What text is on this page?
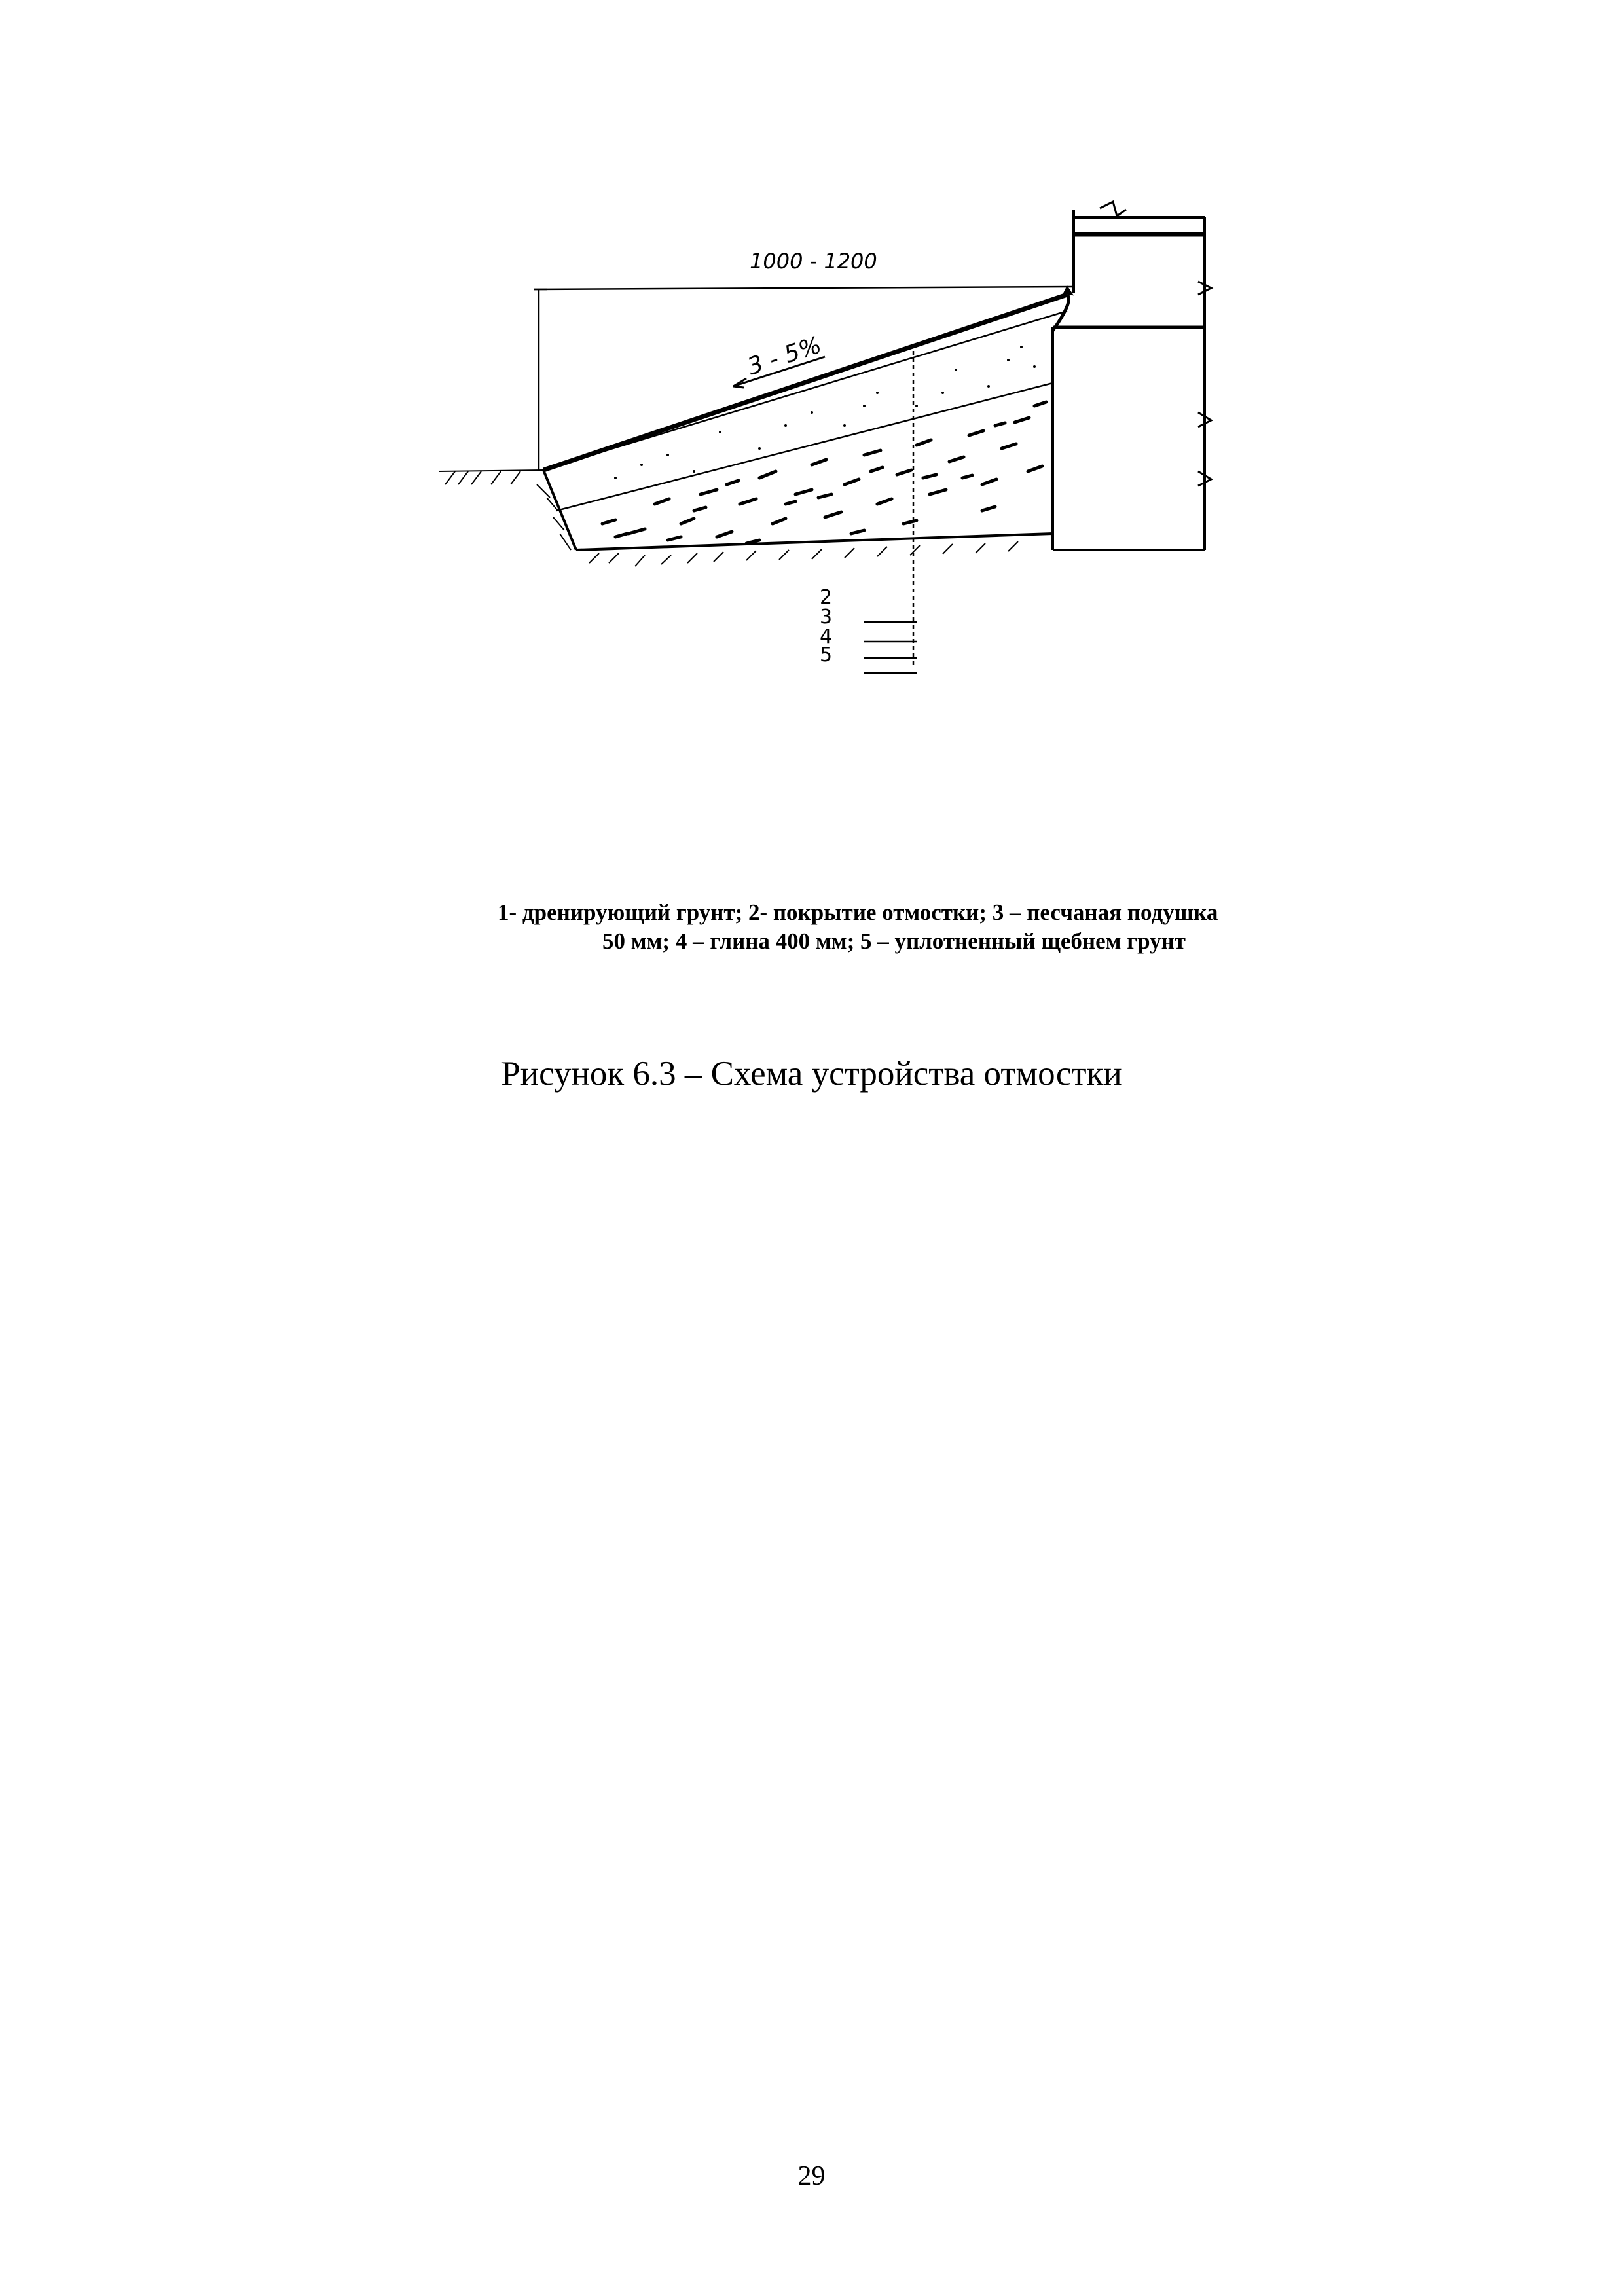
1000 - 1200
3 - 5%
2
3
4
5
1- дренирующий грунт; 2- покрытие отмостки; 3 – песчаная подушка
50 мм; 4 – глина 400 мм; 5 – уплотненный щебнем грунт
Рисунок 6.3 – Схема устройства отмостки
29
